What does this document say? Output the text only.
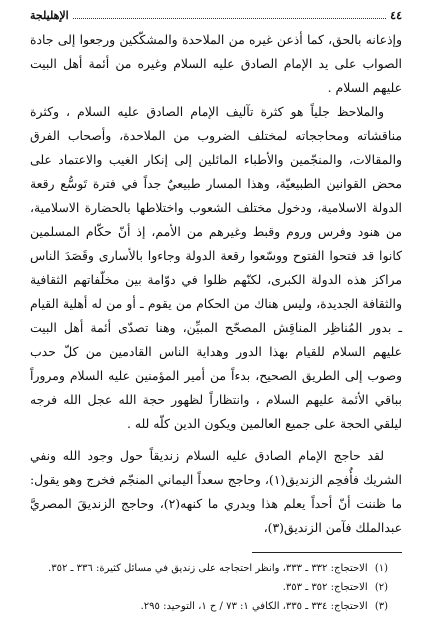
٤٤
الإهليلجة

وإذعانه بالحق، كما أذعن غيره من الملاحدة والمشكّكين ورجعوا إلى جادة الصواب على يد الإمام الصادق عليه السلام وغيره من أئمة أهل البيت عليهم السلام .

والملاحظ جلياً هو كثرة تآليف الإمام الصادق عليه السلام ، وكثرة مناقشاته ومحاججاته لمختلف الضروب من الملاحدة، وأصحاب الفرق والمقالات، والمنجّمين والأطباء المائلين إلى إنكار الغيب والاعتماد على محض القوانين الطبيعيّة، وهذا المسار طبيعيٌ جداً في فترة تَوسُّع رقعة الدولة الاسلامية، ودخول مختلف الشعوب واختلاطها بالحضارة الاسلامية، من هنود وفرس وروم وقبط وغيرهم من الأمم، إذ أنّ حكّام المسلمين كانوا قد فتحوا الفتوح ووسّعوا رقعة الدولة وجاءوا بالأسارى وقَصَدَ الناس مراكز هذه الدولة الكبرى، لكنّهم ظلوا في دوّامة بين مخلّفاتهم الثقافية والثقافة الجديدة، وليس هناك من الحكام من يقوم ـ أو من له أهلية القيام ـ بدور المُناظِر المناقِش المصحّح المبيِّن، وهنا تصدّى أئمة أهل البيت عليهم السلام للقيام بهذا الدور وهداية الناس القادمين من كلّ حدب وصوب إلى الطريق الصحيح، بدءاً من أمير المؤمنين عليه السلام ومروراً بباقي الأئمة عليهم السلام ، وانتظاراً لظهور حجة الله عجل الله فرجه ليلقي الحجة على جميع العالمين ويكون الدين كلّه لله .

لقد حاجج الإمام الصادق عليه السلام زنديقاً حول وجود الله ونفي الشريك فأُفحِم الزنديق(١)، وحاجج سعداً اليماني المنجّم فخرج وهو يقول: ما ظننت أنّ أحداً يعلم هذا ويدري ما كنهه(٢)، وحاجج الزنديقَ المصريَّ عبدالملك فآمن الزنديق(٣)،

(١) الاحتجاج: ٣٣٢ ـ ٣٣٣، وانظر احتجاجه على زنديق في مسائل كثيرة: ٣٣٦ ـ ٣٥٢.

(٢) الاحتجاج: ٣٥٢ ـ ٣٥٣.

(٣) الاحتجاج: ٣٣٤ ـ ٣٣٥، الكافي ١: ٧٣ / ح ١، التوحيد: ٢٩٥.
